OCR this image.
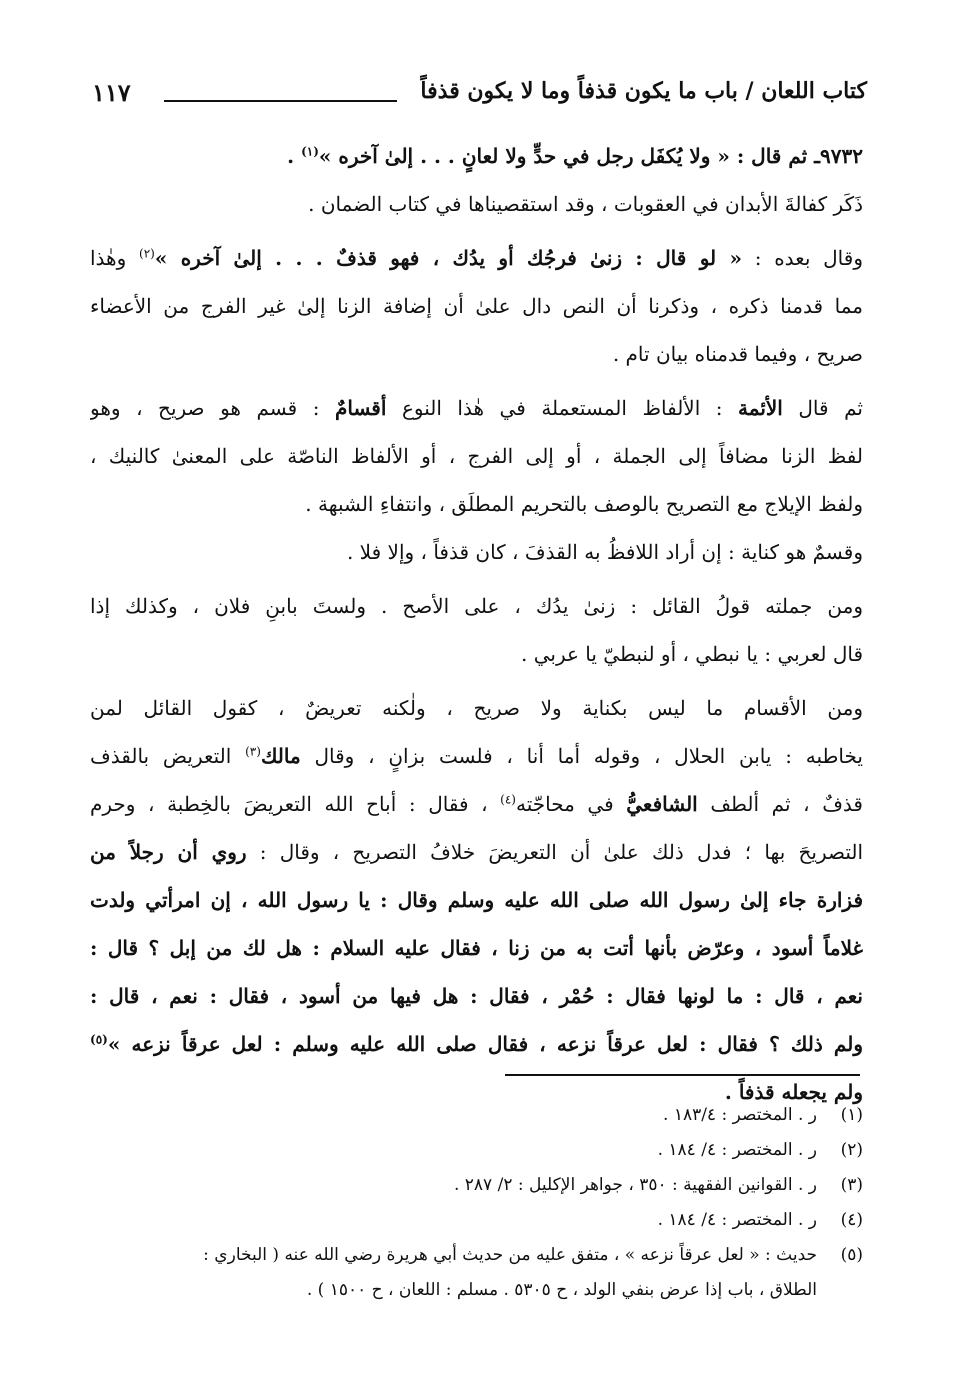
كتاب اللعان / باب ما يكون قذفاً وما لا يكون قذفاً
١١٧
٩٧٣٢ـ ثم قال : « ولا يُكفَل رجل في حدٍّ ولا لعانٍ . . . إلىٰ آخره »$^{(١)}$ .
ذَكَر كفالةَ الأبدان في العقوبات ، وقد استقصيناها في كتاب الضمان .
وقال بعده : « لو قال : زنىٰ فرجُك أو يدُك ، فهو قذفٌ . . . إلىٰ آخره »$^{(٢)}$ وهٰذا
مما قدمنا ذكره ، وذكرنا أن النص دال علىٰ أن إضافة الزنا إلىٰ غير الفرج من الأعضاء
صريح ، وفيما قدمناه بيان تام .
ثم قال الأئمة : الألفاظ المستعملة في هٰذا النوع أقسامٌ : قسم هو صريح ، وهو
لفظ الزنا مضافاً إلى الجملة ، أو إلى الفرج ، أو الألفاظ الناصّة على المعنىٰ كالنيك ،
ولفظ الإيلاج مع التصريح بالوصف بالتحريم المطلَق ، وانتفاءِ الشبهة .
وقسمٌ هو كناية : إن أراد اللافظُ به القذفَ ، كان قذفاً ، وإلا فلا .
ومن جملته قولُ القائل : زنىٰ يدُك ، على الأصح . ولستَ بابنِ فلان ، وكذلك إذا
قال لعربي : يا نبطي ، أو لنبطيّ يا عربي .
ومن الأقسام ما ليس بكناية ولا صريح ، ولٰكنه تعريضٌ ، كقول القائل لمن
يخاطبه : يابن الحلال ، وقوله أما أنا ، فلست بزانٍ ، وقال مالك$^{(٣)}$ التعريض بالقذف
قذفٌ ، ثم ألطف الشافعيُّ في محاجّته$^{(٤)}$ ، فقال : أباح الله التعريضَ بالخِطبة ، وحرم
التصريحَ بها ؛ فدل ذلك علىٰ أن التعريضَ خلافُ التصريح ، وقال : روي أن رجلاً من
فزارة جاء إلىٰ رسول الله صلى الله عليه وسلم وقال : يا رسول الله ، إن امرأتي ولدت
غلاماً أسود ، وعرّض بأنها أتت به من زنا ، فقال عليه السلام : هل لك من إبل ؟ قال :
نعم ، قال : ما لونها فقال : حُمْر ، فقال : هل فيها من أسود ، فقال : نعم ، قال :
ولم ذلك ؟ فقال : لعل عرقاً نزعه ، فقال صلى الله عليه وسلم : لعل عرقاً نزعه »$^{(٥)}$
ولم يجعله قذفاً .
(١)ر . المختصر : ١٨٣/٤ .
(٢)ر . المختصر : ٤/ ١٨٤ .
(٣)ر . القوانين الفقهية : ٣٥٠ ، جواهر الإكليل : ٢/ ٢٨٧ .
(٤)ر . المختصر : ٤/ ١٨٤ .
(٥)حديث : « لعل عرقاً نزعه » ، متفق عليه من حديث أبي هريرة رضي الله عنه ( البخاري :
الطلاق ، باب إذا عرض بنفي الولد ، ح ٥٣٠٥ . مسلم : اللعان ، ح ١٥٠٠ ) .
